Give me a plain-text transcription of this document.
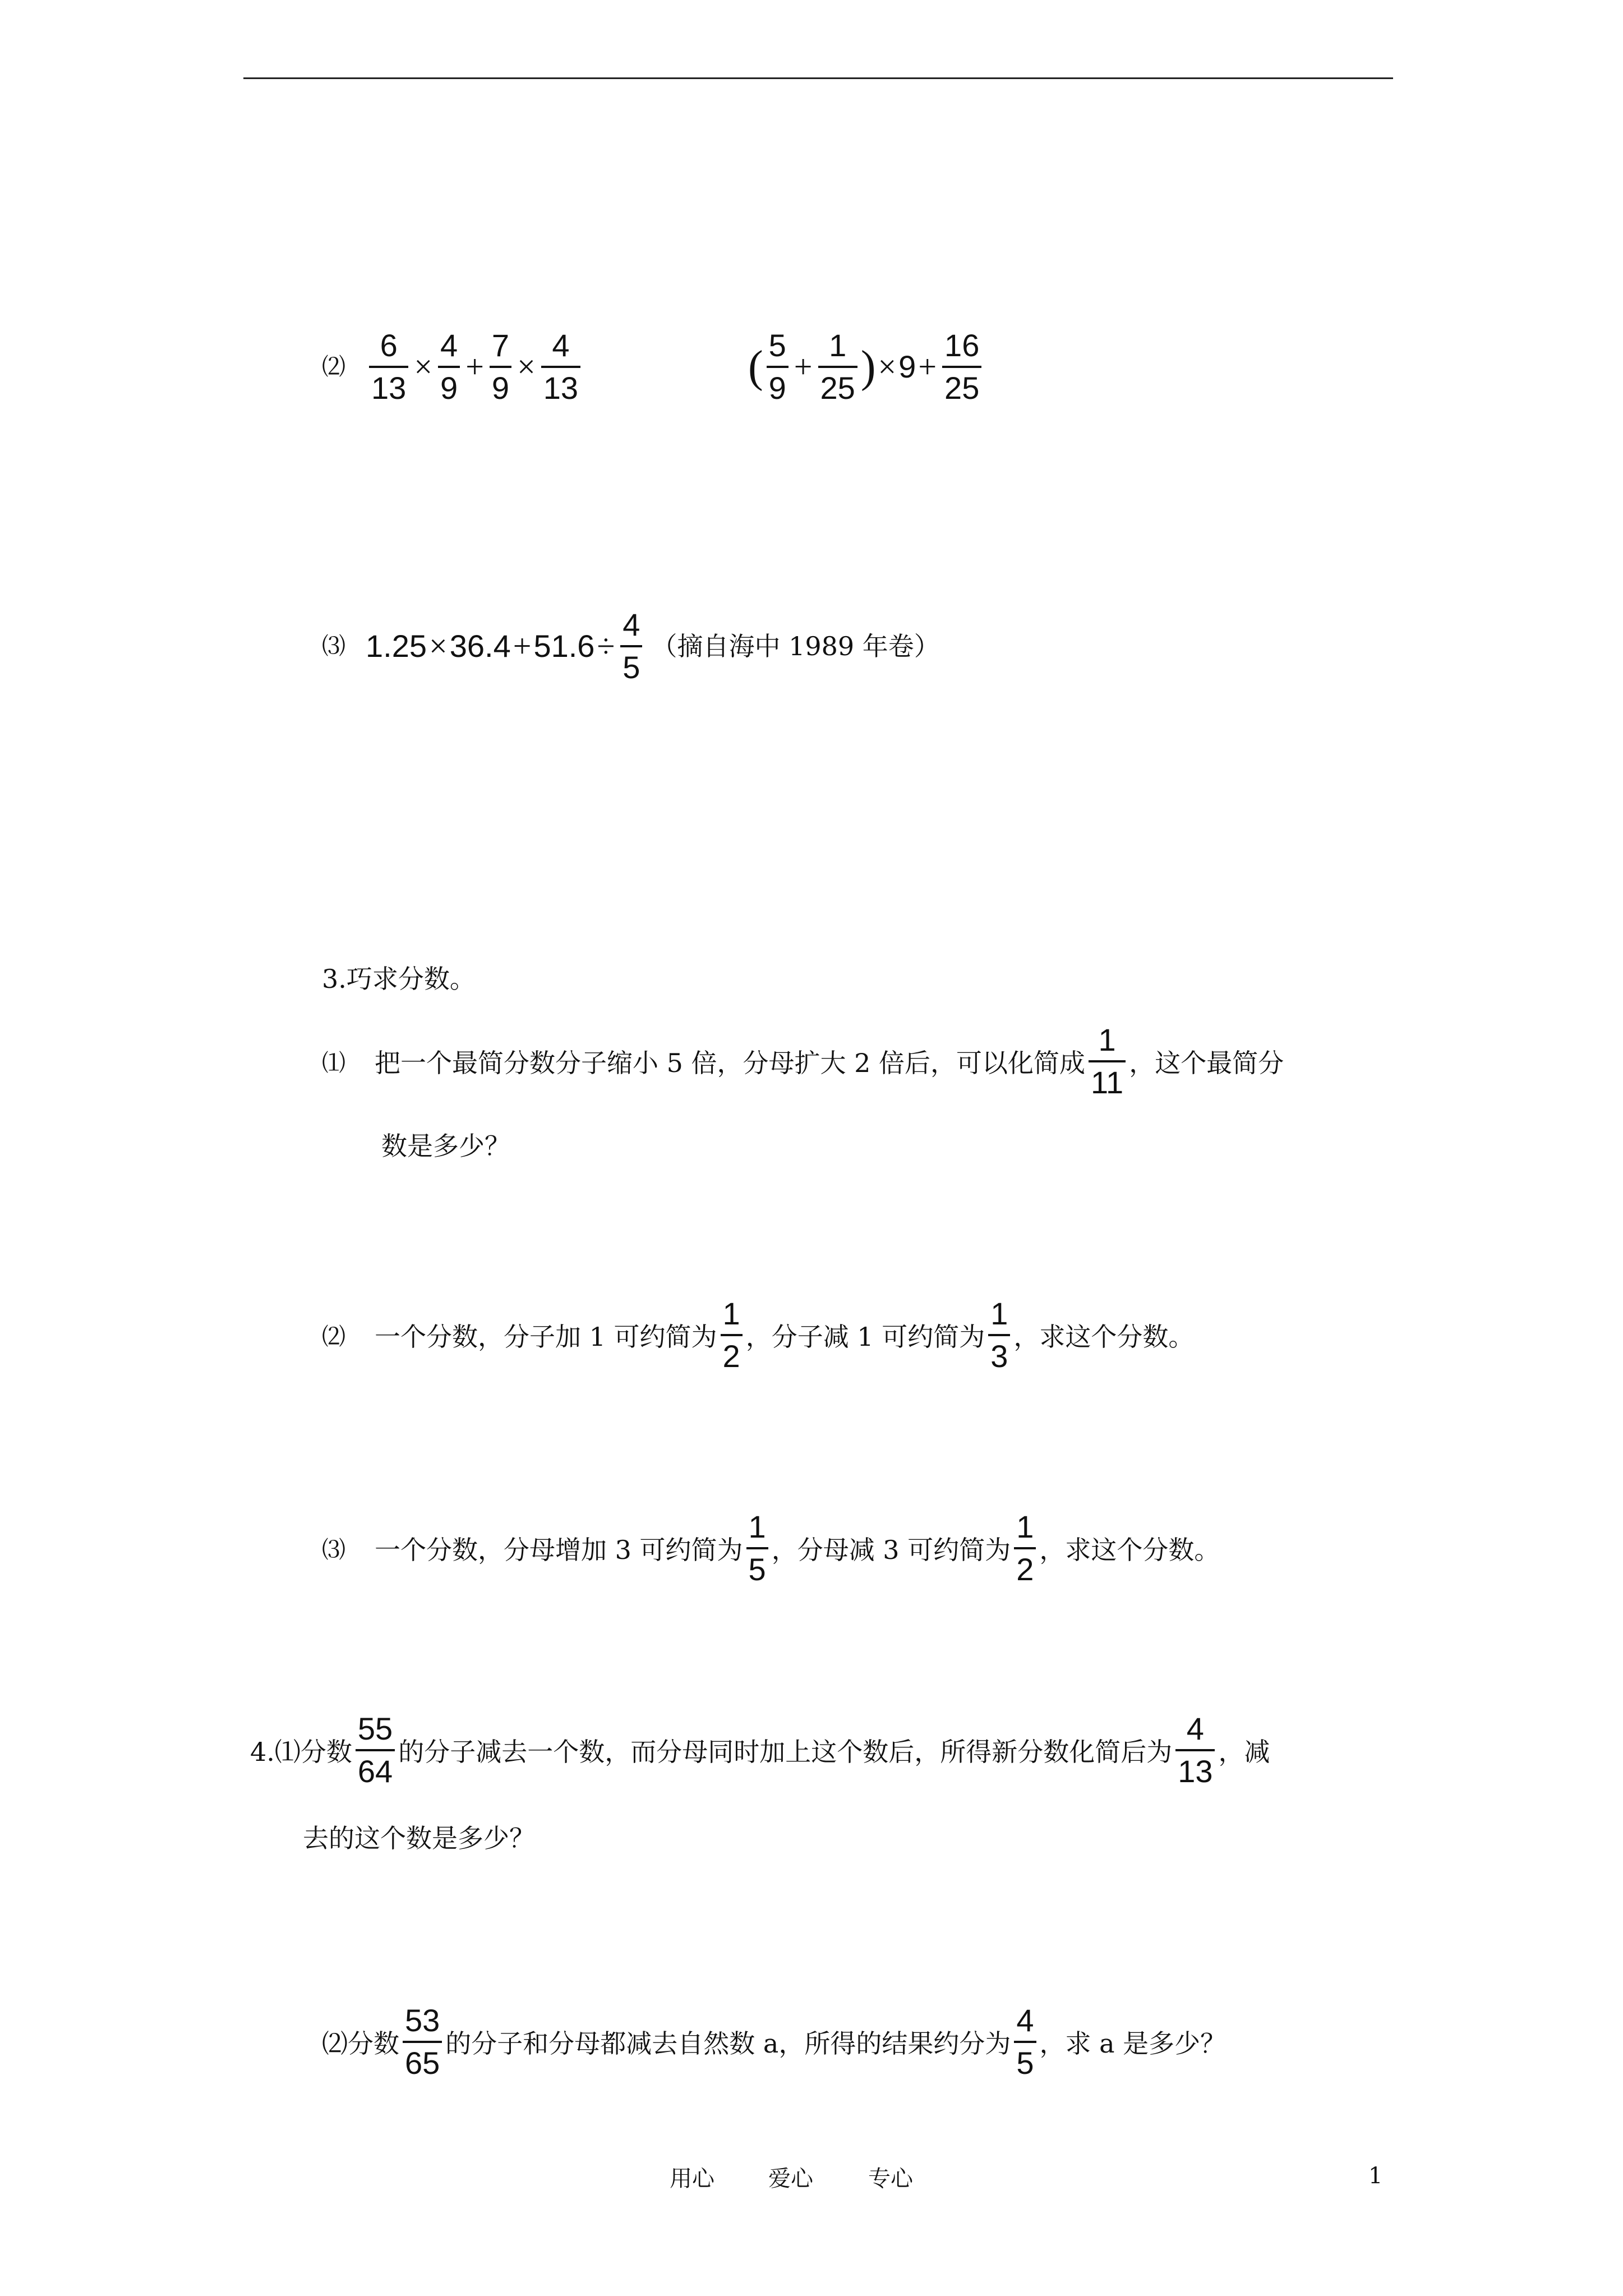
⑵ $\frac{6}{13} \times \frac{4}{9} + \frac{7}{9} \times \frac{4}{13}$	( $\frac{5}{9} + \frac{1}{25}$ ) × $9 + \frac{16}{25}$
⑶ $1.25 \times 36.4 + 51.6 \div \frac{4}{5}$ （摘自海中 1989 年卷）
3.巧求分数。
⑴ 把一个最简分数分子缩小 5 倍，分母扩大 2 倍后，可以化简成 $\frac{1}{11}$ ，这个最简分
数是多少？
⑵ 一个分数，分子加 1 可约简为 $\frac{1}{2}$ ，分子减 1 可约简为 $\frac{1}{3}$ ，求这个分数。
⑶ 一个分数，分母增加 3 可约简为 $\frac{1}{5}$ ，分母减 3 可约简为 $\frac{1}{2}$ ，求这个分数。
4.⑴分数 $\frac{55}{64}$ 的分子减去一个数，而分母同时加上这个数后，所得新分数化简后为 $\frac{4}{13}$ ，减
去的这个数是多少？
⑵分数 $\frac{53}{65}$ 的分子和分母都减去自然数 a，所得的结果约分为 $\frac{4}{5}$ ，求 a 是多少？
用心 爱心 专心	1
